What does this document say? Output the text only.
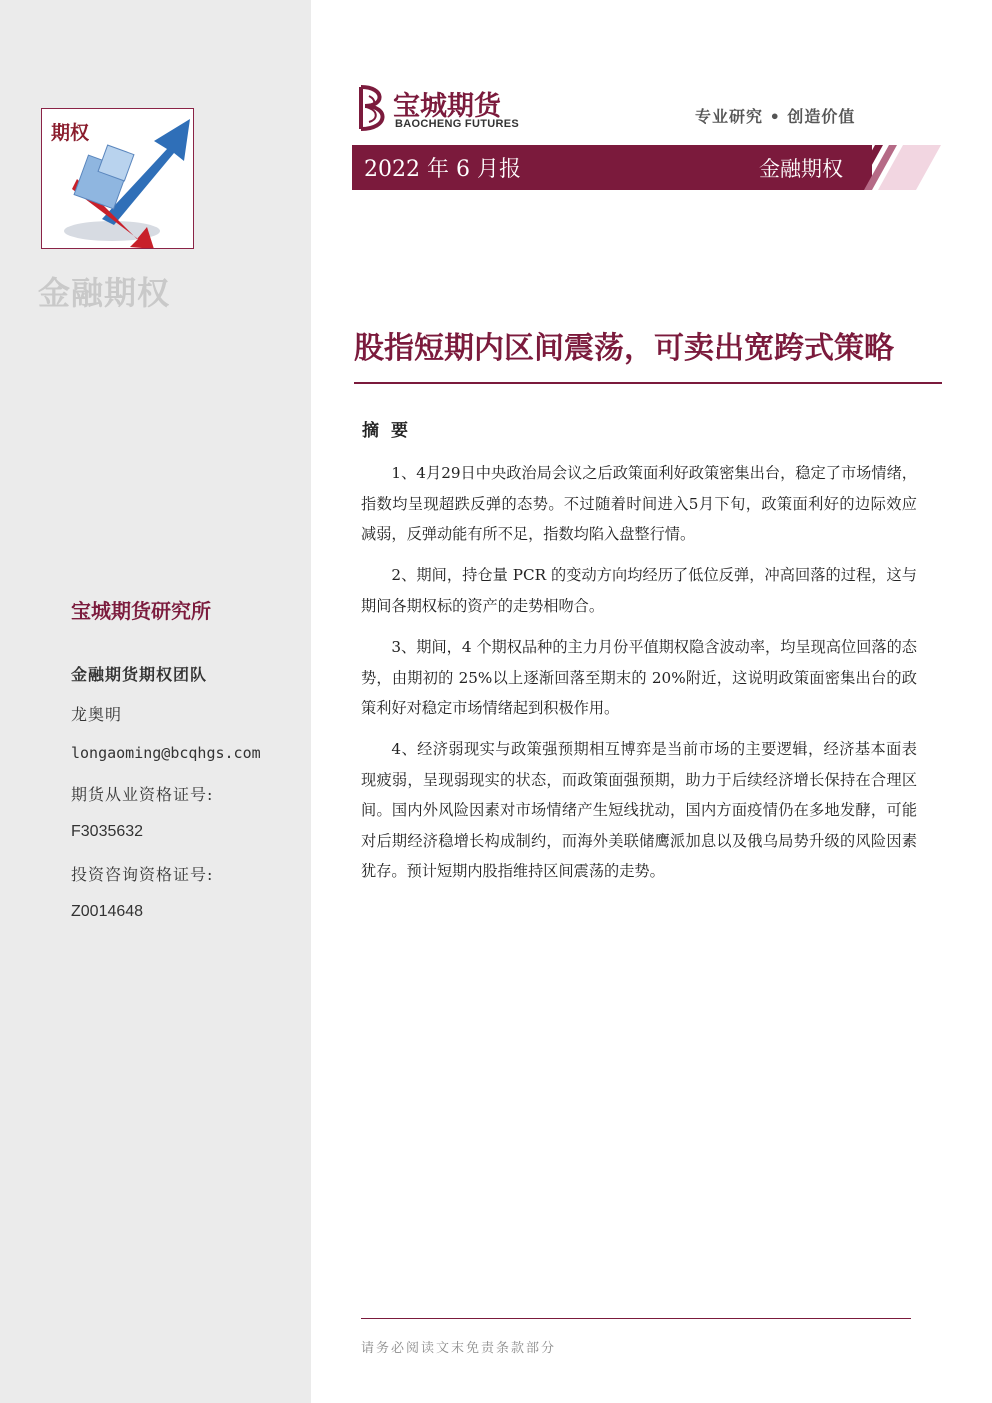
期权
金融期权
宝城期货研究所
金融期货期权团队
龙奥明
longaoming@bcqhgs.com
期货从业资格证号:
F3035632
投资咨询资格证号:
Z0014648
宝城期货
BAOCHENG FUTURES	专业研究 • 创造价值
2022 年 6 月报	金融期权
股指短期内区间震荡，可卖出宽跨式策略
摘要

1、4月29日中央政治局会议之后政策面利好政策密集出台，稳定了市场情绪，指数均呈现超跌反弹的态势。不过随着时间进入5月下旬，政策面利好的边际效应减弱，反弹动能有所不足，指数均陷入盘整行情。

2、期间，持仓量 PCR 的变动方向均经历了低位反弹，冲高回落的过程，这与期间各期权标的资产的走势相吻合。

3、期间，4 个期权品种的主力月份平值期权隐含波动率，均呈现高位回落的态势，由期初的 25%以上逐渐回落至期末的 20%附近，这说明政策面密集出台的政策利好对稳定市场情绪起到积极作用。

4、经济弱现实与政策强预期相互博弈是当前市场的主要逻辑，经济基本面表现疲弱，呈现弱现实的状态，而政策面强预期，助力于后续经济增长保持在合理区间。国内外风险因素对市场情绪产生短线扰动，国内方面疫情仍在多地发酵，可能对后期经济稳增长构成制约，而海外美联储鹰派加息以及俄乌局势升级的风险因素犹存。预计短期内股指维持区间震荡的走势。

请务必阅读文末免责条款部分
